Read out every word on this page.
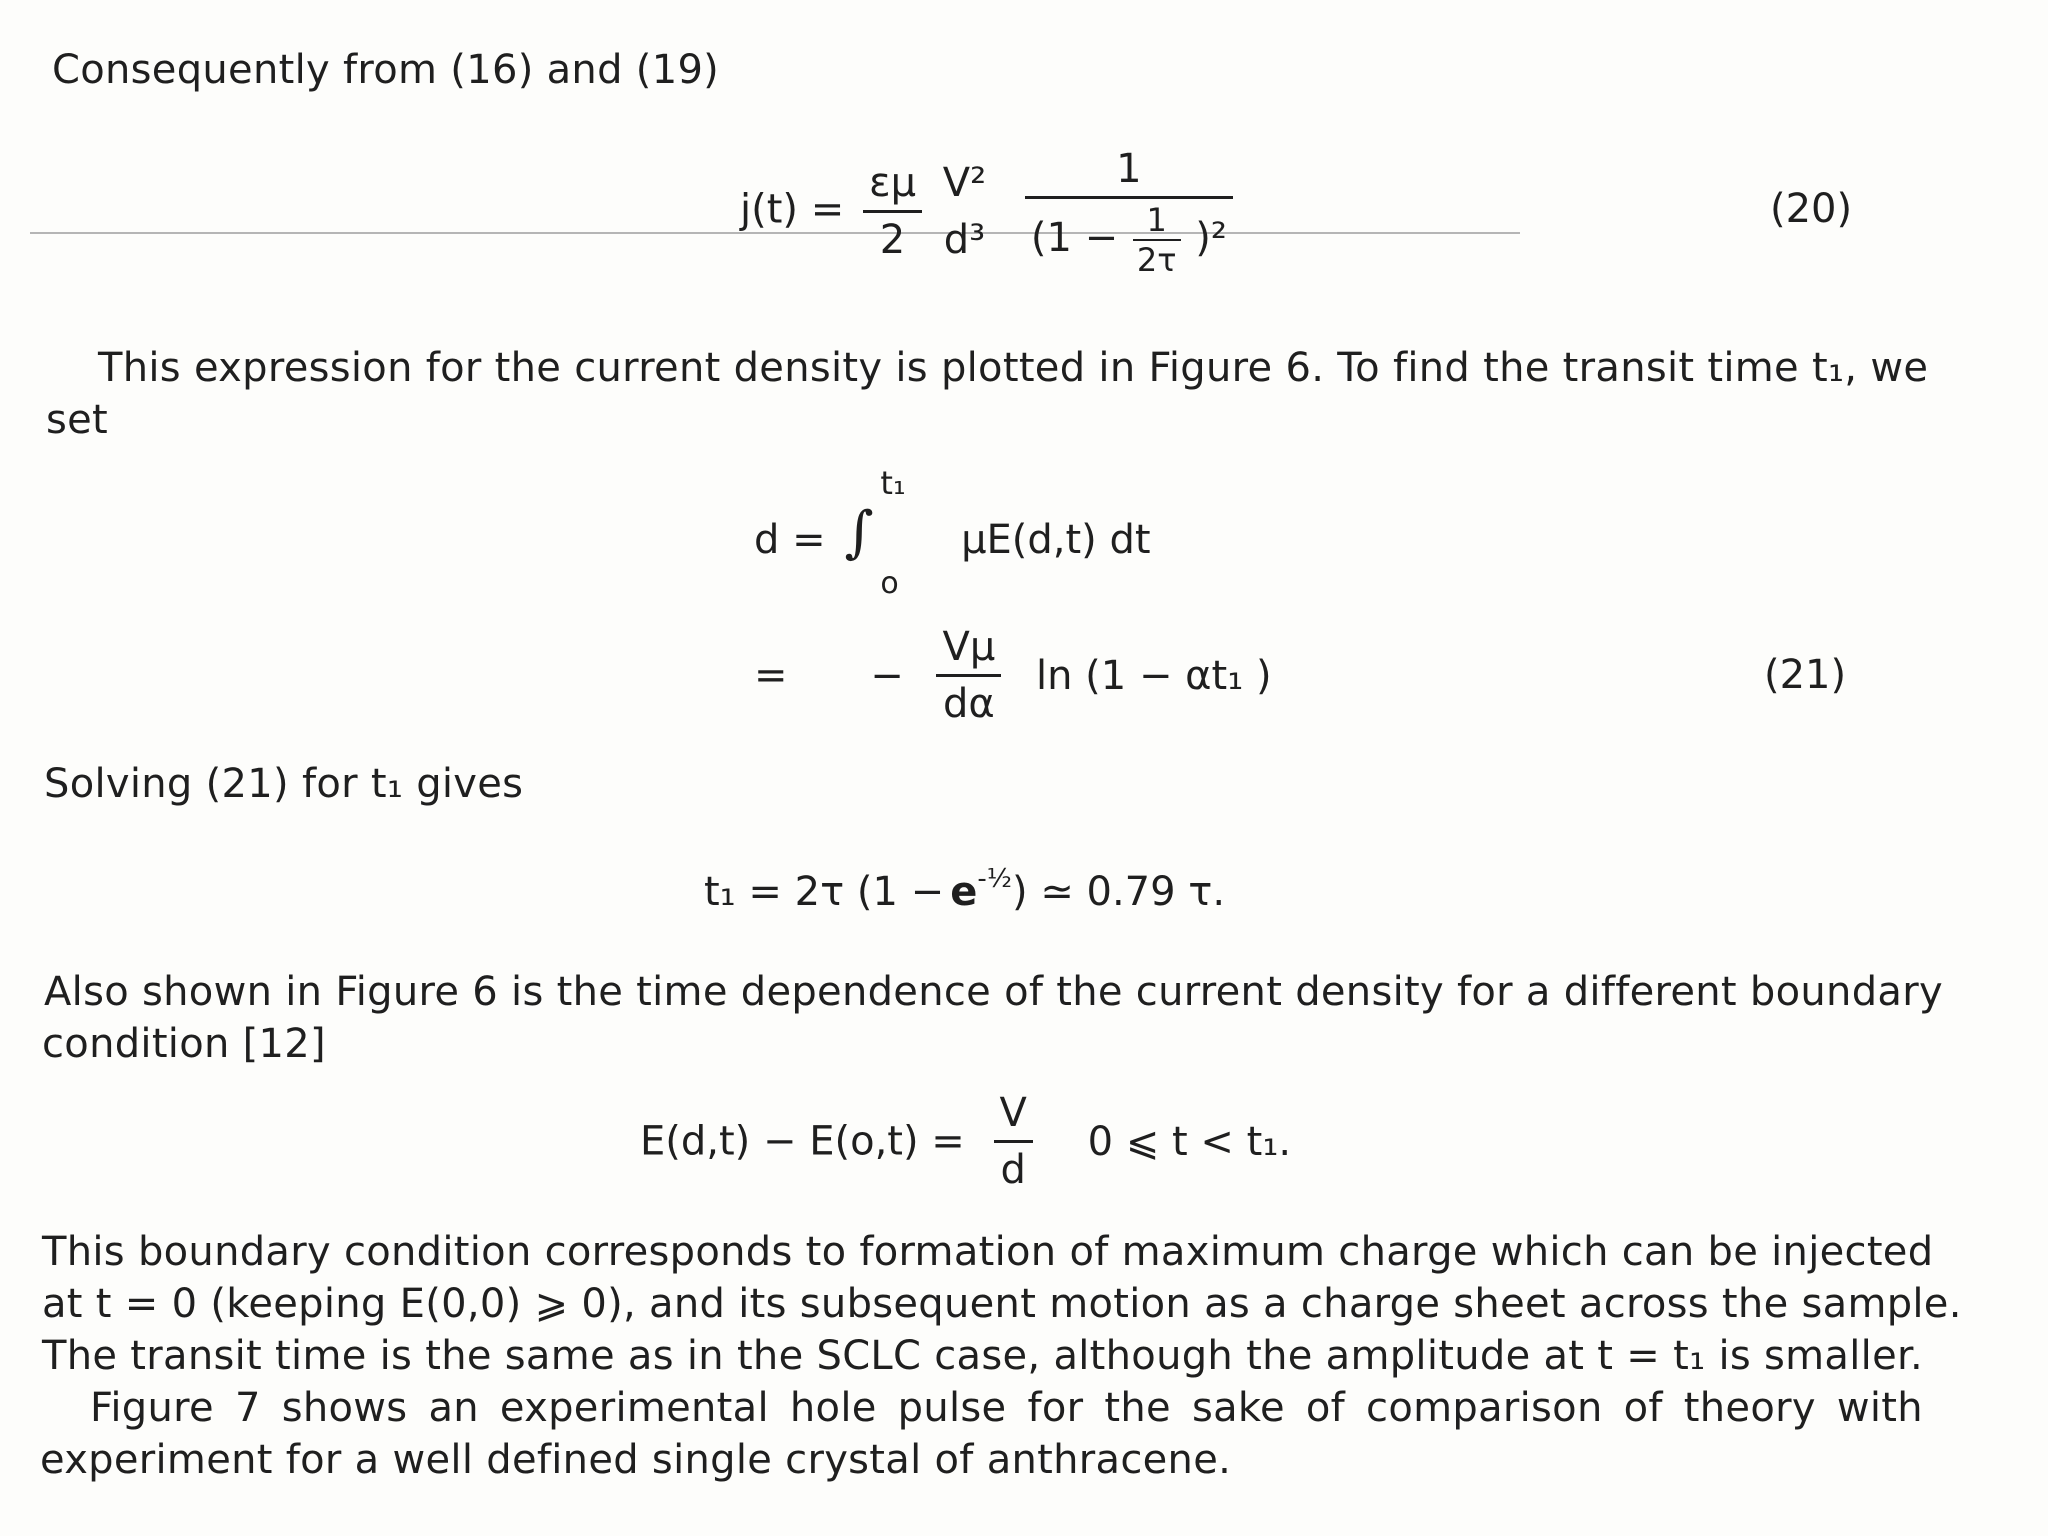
Consequently from (16) and (19)
$j(t) = \frac{\varepsilon\mu}{2}$
V²
d³
$\frac{1}{(1 - \frac{1}{2\tau} )^2}$	(20)
This expression for the current density is plotted in Figure 6. To find the transit time t₁, we
set
d = ∫
t₁
o
μE(d,t) dt
= − $\frac{V\mu}{d\alpha}$ ln (1 − αt₁ )	(21)
Solving (21) for t₁ gives
t₁ = 2τ $(1 - e^{-\frac{1}{2}})$ ≃ 0.79 τ.
Also shown in Figure 6 is the time dependence of the current density for a different boundary
condition [12]
$E(d,t) - E(o,t) = \frac{V}{d} 0$ ⩽ t < t₁.
This boundary condition corresponds to formation of maximum charge which can be injected
at t = 0 (keeping E(0,0) ⩾ 0), and its subsequent motion as a charge sheet across the sample.
The transit time is the same as in the SCLC case, although the amplitude at t = t₁ is smaller.
Figure 7 shows an experimental hole pulse for the sake of comparison of theory with
experiment for a well defined single crystal of anthracene.
